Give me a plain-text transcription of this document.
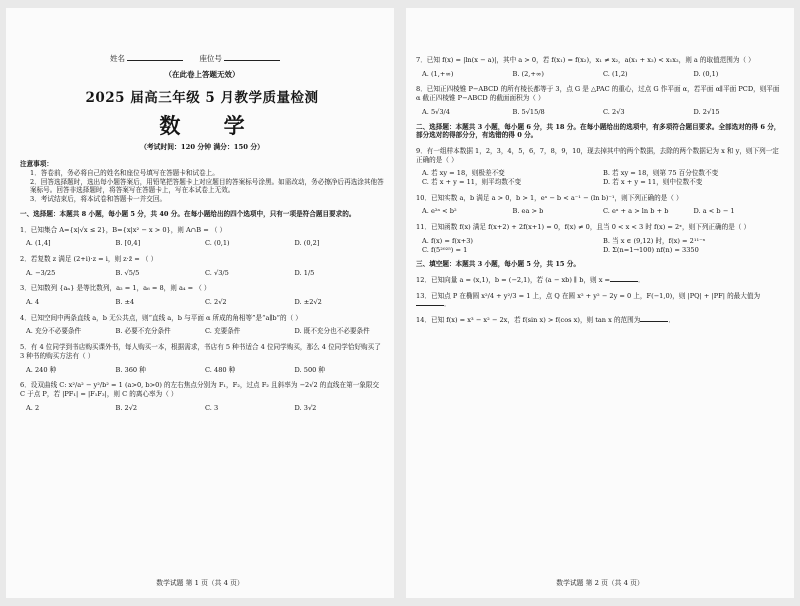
姓名	座位号
（在此卷上答题无效）
2025 届高三年级 5 月教学质量检测
数 学
（考试时间：120 分钟 满分：150 分）
注意事项：
1．答卷前，务必将自己的姓名和座位号填写在答题卡和试卷上。
2．回答选择题时，选出每小题答案后，用铅笔把答题卡上对应题目的答案标号涂黑。如需改动，务必擦净后再选涂其他答案标号。回答非选择题时，将答案写在答题卡上，写在本试卷上无效。
3．考试结束后，将本试卷和答题卡一并交回。
一、选择题：本题共 8 小题，每小题 5 分，共 40 分。在每小题给出的四个选项中，只有一项是符合题目要求的。
1．已知集合 A={x|√x ≤ 2}，B={x|x² − x > 0}，则 A∩B = （ ）
A. (1,4]	B. [0,4]	C. (0,1)	D. (0,2]
2．若复数 z 满足 (2+i)·z = i，则 z·z̄ = （ ）
A. −3/25	B. √5/5	C. √3/5	D. 1/5
3．已知数列 {aₙ} 是等比数列，a₂ = 1，a₆ = 8，则 a₄ = （ ）
A. 4	B. ±4	C. 2√2	D. ±2√2
4．已知空间中两条直线 a，b 无公共点，则“直线 a，b 与平面 α 所成的角相等”是“a∥b”的（ ）
A. 充分不必要条件	B. 必要不充分条件	C. 充要条件	D. 既不充分也不必要条件
5．有 4 位同学到书店购买课外书，每人购买一本，根据需求，书店有 5 种书适合 4 位同学购买，那么 4 位同学恰好购买了 3 种书的购买方法有（ ）
A. 240 种	B. 360 种	C. 480 种	D. 500 种
6．设双曲线 C: x²/a² − y²/b² = 1 (a>0, b>0) 的左右焦点分别为 F₁，F₂，过点 F₂ 且斜率为 −2√2 的直线在第一象限交 C 于点 P，若 |PF₁| = |F₁F₂|，则 C 的离心率为（ ）
A. 2	B. 2√2	C. 3	D. 3√2
数学试题 第 1 页（共 4 页）
7．已知 f(x) = |ln(x − a)|，其中 a > 0，若 f(x₁) = f(x₂)，x₁ ≠ x₂，a(x₁ + x₂) < x₁x₂，则 a 的取值范围为（ ）
A. (1,+∞)	B. (2,+∞)	C. (1,2)	D. (0,1)
8．已知正四棱锥 P−ABCD 的所有棱长都等于 3，点 G 是 △PAC 的重心，过点 G 作平面 α，若平面 α∥平面 PCD，则平面 α 截正四棱锥 P−ABCD 的截面面积为（ ）
A. 5√3/4	B. 5√15/8	C. 2√3	D. 2√15
二、选择题：本题共 3 小题，每小题 6 分，共 18 分。在每小题给出的选项中，有多项符合题目要求。全部选对的得 6 分，部分选对的得部分分，有选错的得 0 分。
9．有一组样本数据 1，2，3，4，5，6，7，8，9，10，现去掉其中的两个数据，去除的两个数据记为 x 和 y，则下列一定正确的是（ ）
A. 若 xy = 18，则极差不变	B. 若 xy = 18，则第 75 百分位数不变
C. 若 x + y = 11，则平均数不变	D. 若 x + y = 11，则中位数不变
10．已知实数 a，b 满足 a > 0，b > 1，eᵃ − b < a⁻¹ − (ln b)⁻¹，则下列正确的是（ ）
A. e²ᵃ < b²	B. ea > b	C. eᵃ + a > ln b + b	D. a < b − 1
11．已知函数 f(x) 满足 f(x+2) + 2f(x+1) = 0，f(x) ≠ 0，且当 0 < x < 3 时 f(x) = 2ˣ，则下列正确的是（ ）
A. f(x) = f(x+3)	B. 当 x ∈ (9,12) 时，f(x) = 2¹¹⁻ˣ
C. f(5²⁰²⁵) = 1	D. Σ(n=1→100) nf(n) = 3350
三、填空题：本题共 3 小题，每小题 5 分，共 15 分。
12．已知向量 a = (x,1)，b = (−2,1)，若 (a − xb) ∥ b，则 x =	．
13．已知点 P 在椭圆 x²/4 + y²/3 = 1 上，点 Q 在圆 x² + y² − 2y = 0 上，F(−1,0)，则 |PQ| + |PF| 的最大值为．
14．已知 f(x) = x³ − x² − 2x，若 f(sin x) > f(cos x)，则 tan x 的范围为	．
数学试题 第 2 页（共 4 页）
